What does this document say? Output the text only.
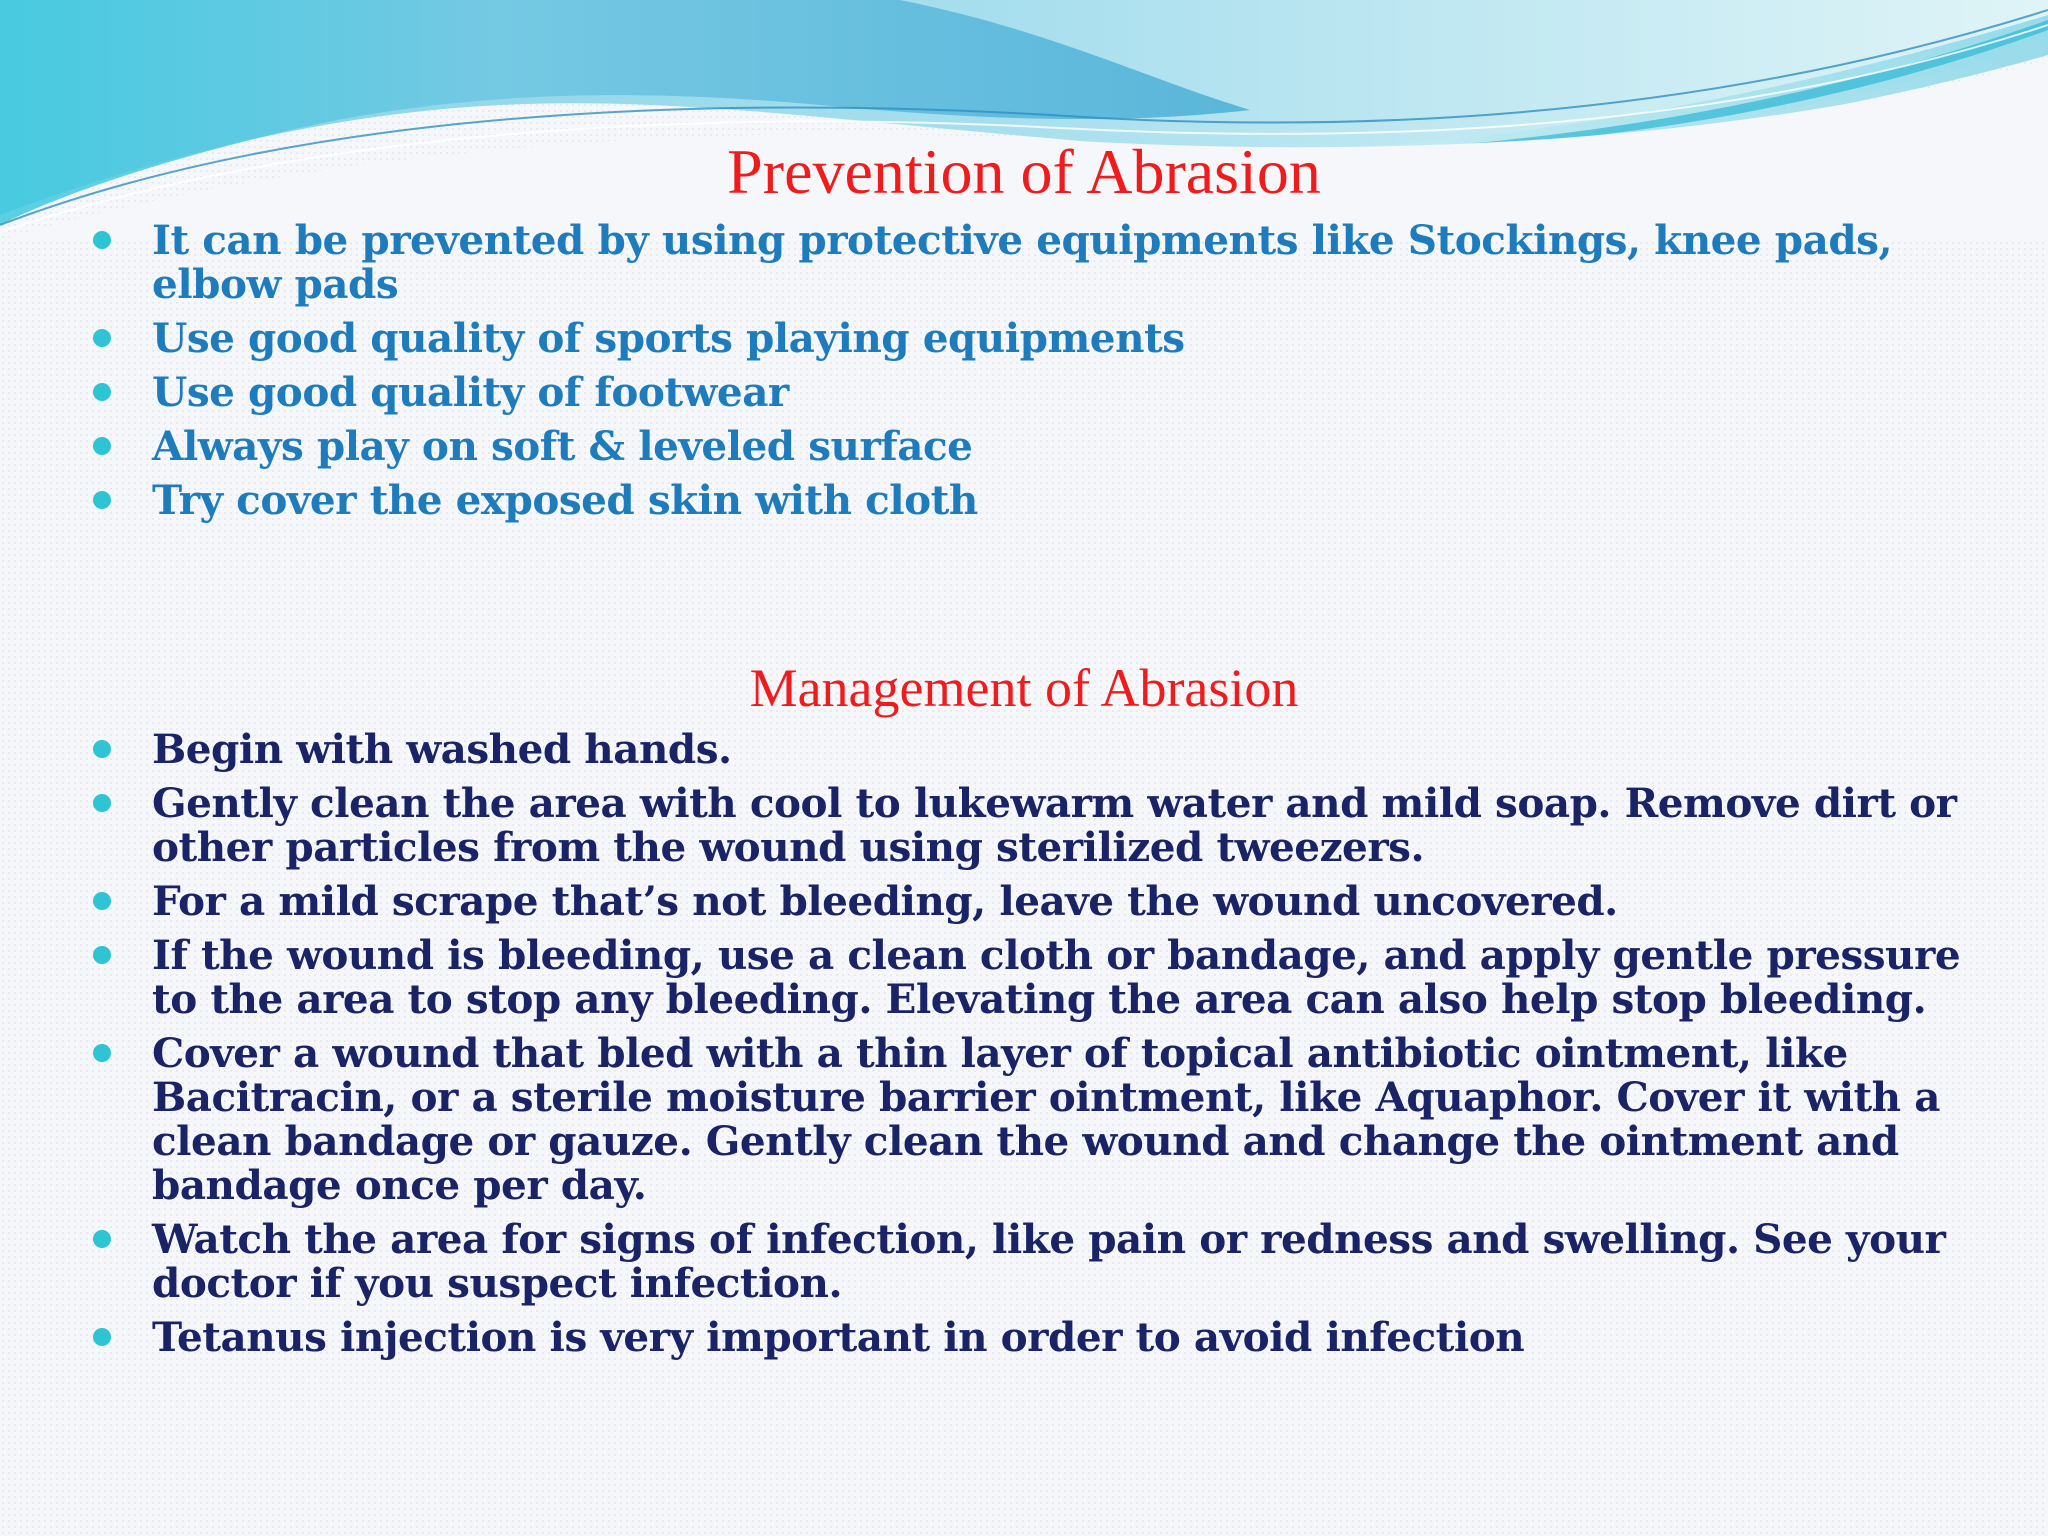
Prevention of Abrasion
It can be prevented by using protective equipments like Stockings, knee pads, elbow pads
Use good quality of sports playing equipments
Use good quality of footwear
Always play on soft & leveled surface
Try cover the exposed skin with cloth
Management of Abrasion
Begin with washed hands.
Gently clean the area with cool to lukewarm water and mild soap. Remove dirt or other particles from the wound using sterilized tweezers.
For a mild scrape that’s not bleeding, leave the wound uncovered.
If the wound is bleeding, use a clean cloth or bandage, and apply gentle pressure to the area to stop any bleeding. Elevating the area can also help stop bleeding.
Cover a wound that bled with a thin layer of topical antibiotic ointment, like Bacitracin, or a sterile moisture barrier ointment, like Aquaphor. Cover it with a clean bandage or gauze. Gently clean the wound and change the ointment and bandage once per day.
Watch the area for signs of infection, like pain or redness and swelling. See your doctor if you suspect infection.
Tetanus injection is very important in order to avoid infection
